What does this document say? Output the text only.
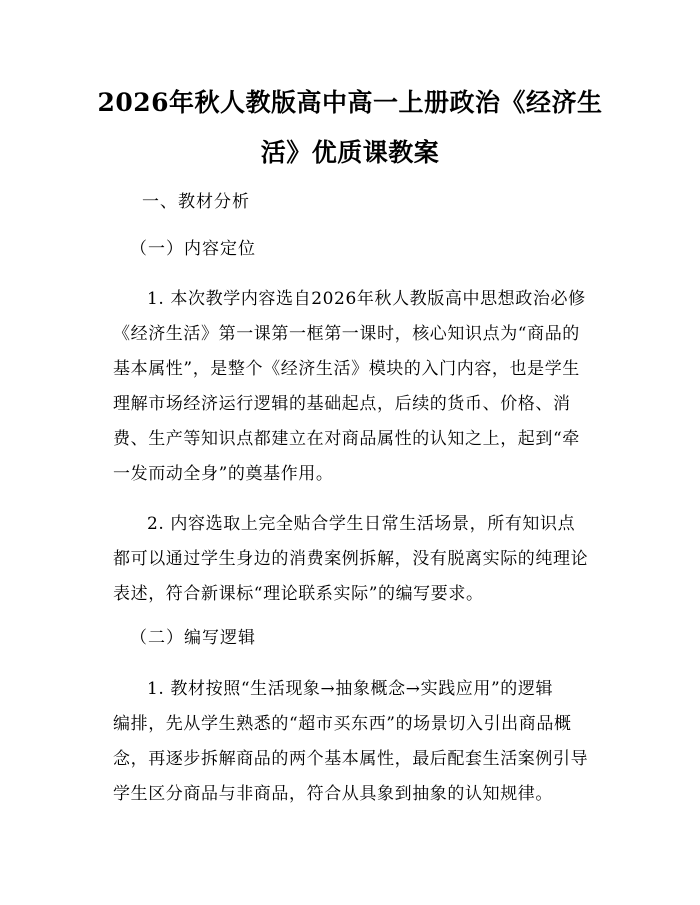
2026年秋人教版高中高一上册政治《经济生
活》优质课教案
一、教材分析
（一）内容定位
1. 本次教学内容选自2026年秋人教版高中思想政治必修
《经济生活》第一课第一框第一课时，核心知识点为“商品的
基本属性”，是整个《经济生活》模块的入门内容，也是学生
理解市场经济运行逻辑的基础起点，后续的货币、价格、消
费、生产等知识点都建立在对商品属性的认知之上，起到“牵
一发而动全身”的奠基作用。
2. 内容选取上完全贴合学生日常生活场景，所有知识点
都可以通过学生身边的消费案例拆解，没有脱离实际的纯理论
表述，符合新课标“理论联系实际”的编写要求。
（二）编写逻辑
1. 教材按照“生活现象→抽象概念→实践应用”的逻辑
编排，先从学生熟悉的“超市买东西”的场景切入引出商品概
念，再逐步拆解商品的两个基本属性，最后配套生活案例引导
学生区分商品与非商品，符合从具象到抽象的认知规律。
